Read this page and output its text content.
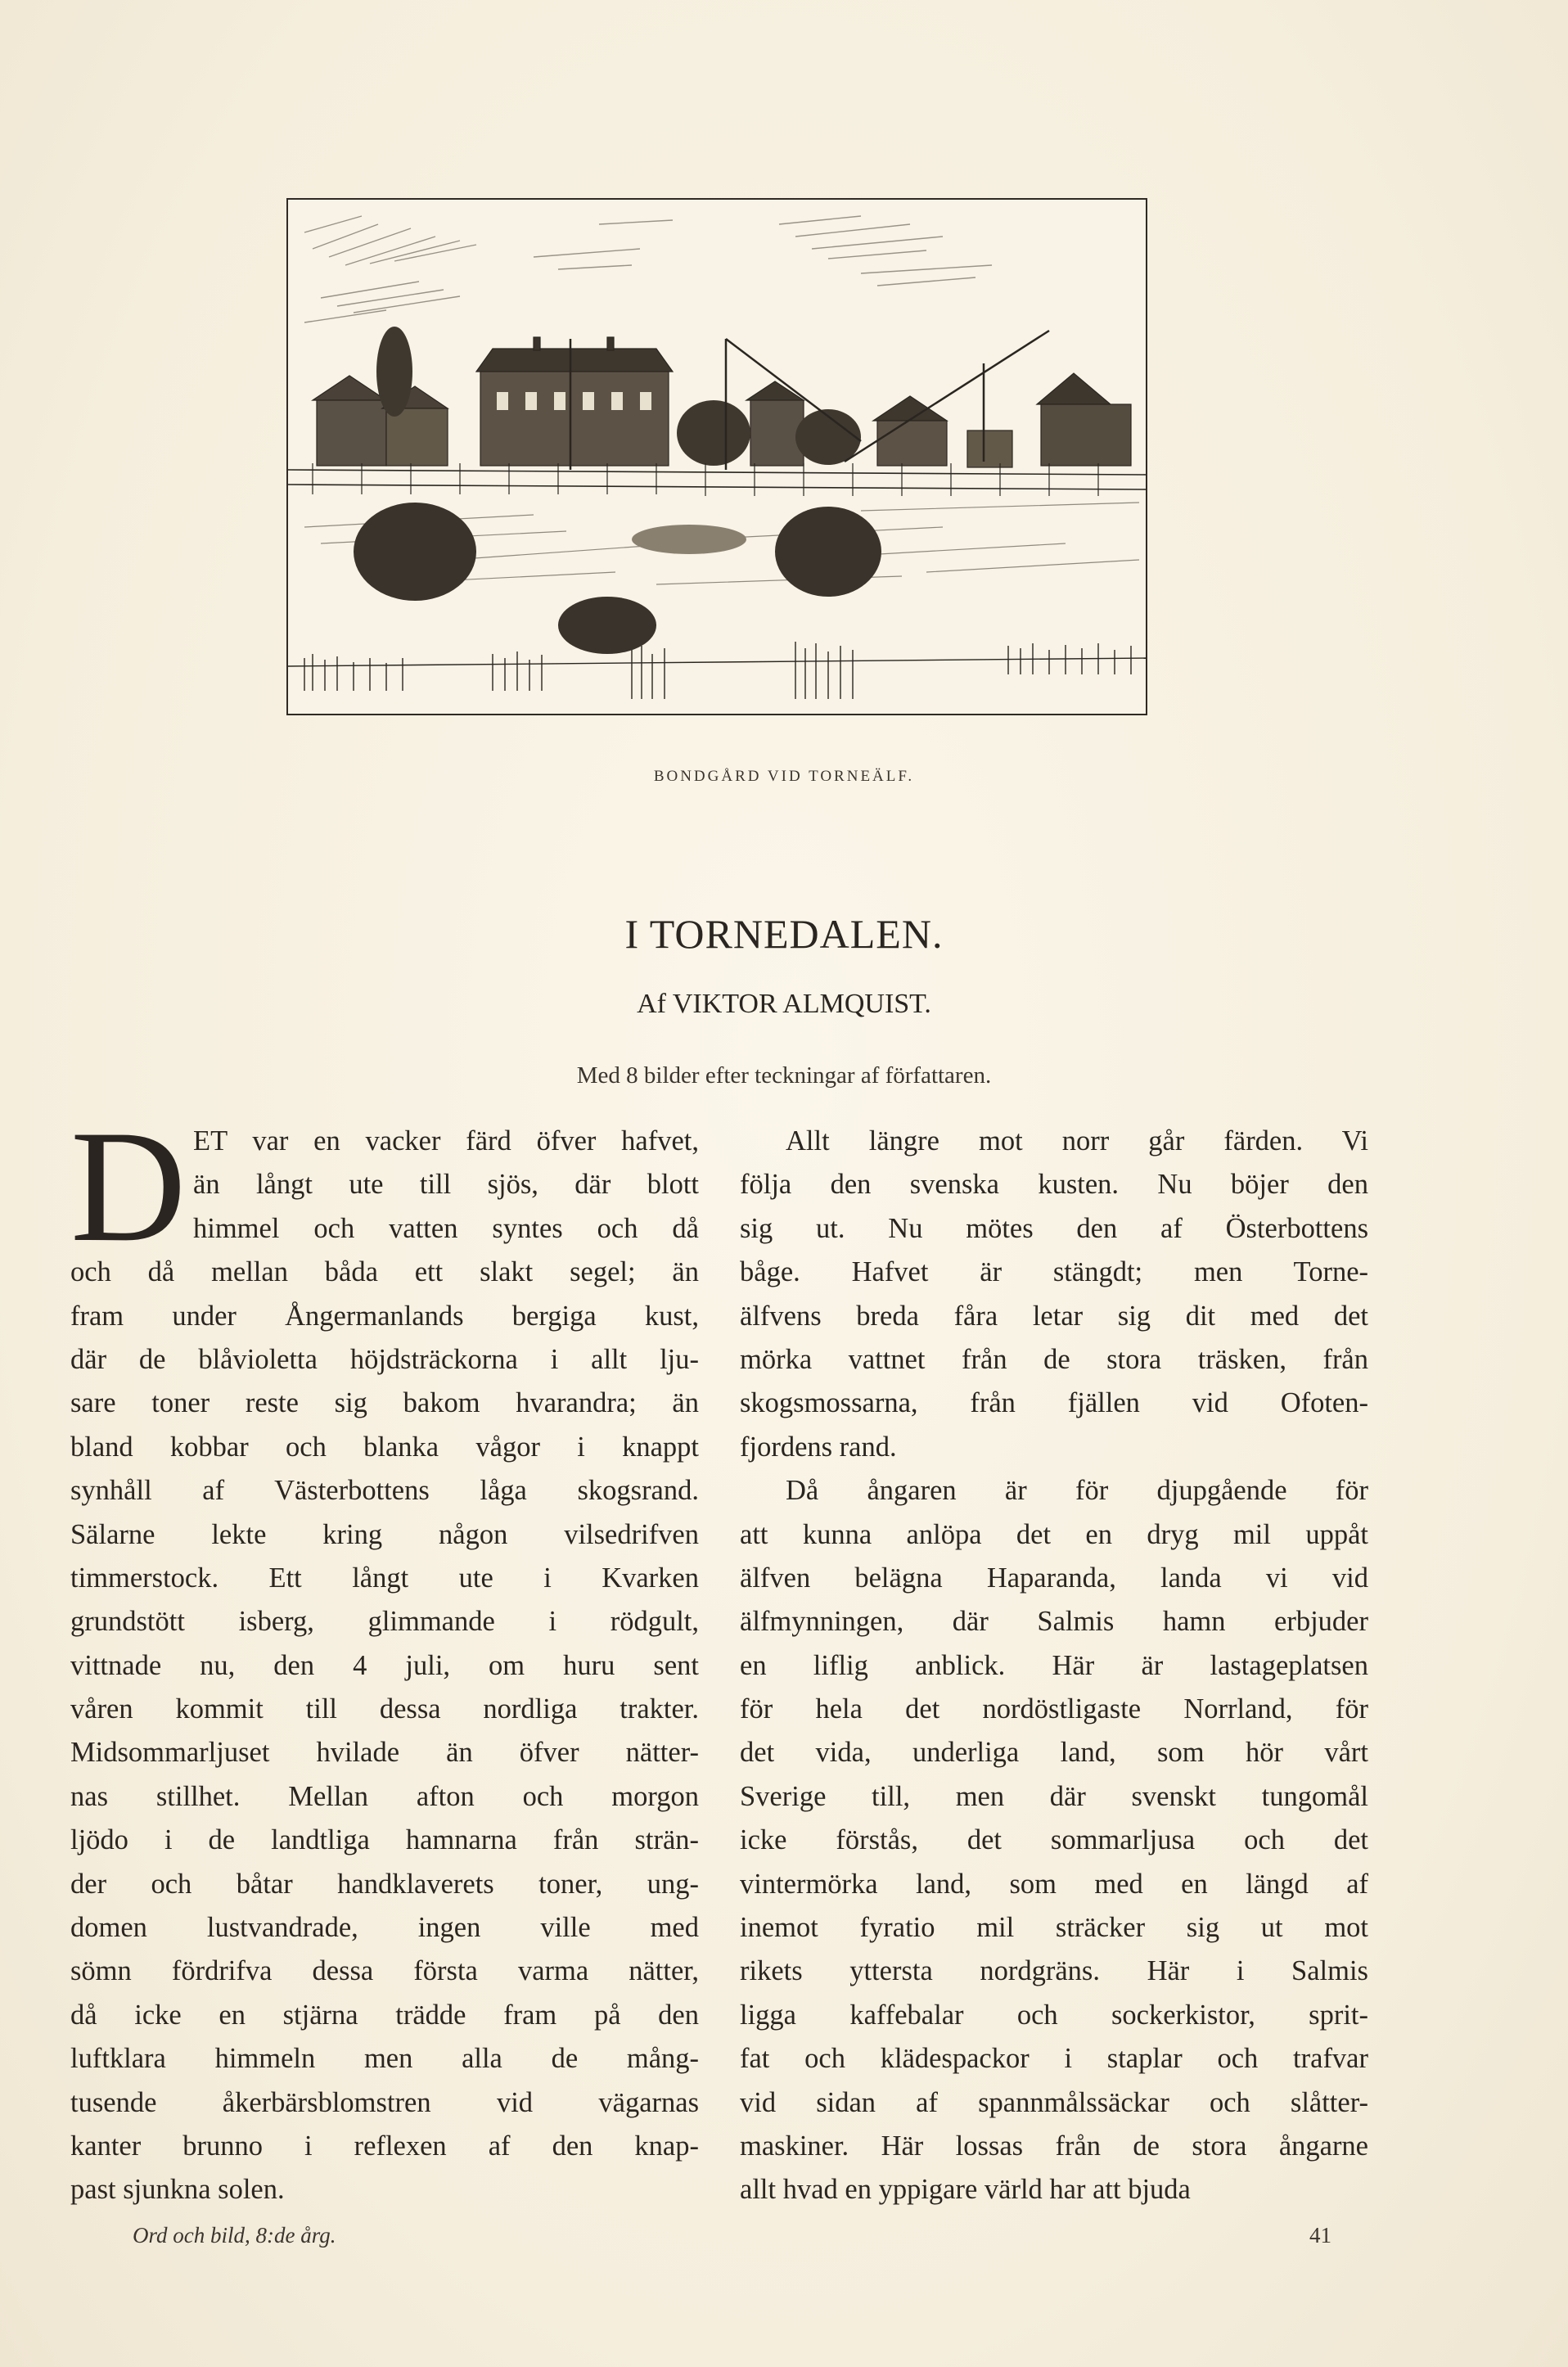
BONDGÅRD VID TORNEÄLF.
I TORNEDALEN.
Af VIKTOR ALMQUIST.
Med 8 bilder efter teckningar af författaren.
D ET var en vacker färd öfver hafvet,
än långt ute till sjös, där blott
himmel och vatten syntes och då
och då mellan båda ett slakt segel; än
fram under Ångermanlands bergiga kust,
där de blåvioletta höjdsträckorna i allt lju-
sare toner reste sig bakom hvarandra; än
bland kobbar och blanka vågor i knappt
synhåll af Västerbottens låga skogsrand.
Sälarne lekte kring någon vilsedrifven
timmerstock. Ett långt ute i Kvarken
grundstött isberg, glimmande i rödgult,
vittnade nu, den 4 juli, om huru sent
våren kommit till dessa nordliga trakter.
Midsommarljuset hvilade än öfver nätter-
nas stillhet. Mellan afton och morgon
ljödo i de landtliga hamnarna från strän-
der och båtar handklaverets toner, ung-
domen lustvandrade, ingen ville med
sömn fördrifva dessa första varma nätter,
då icke en stjärna trädde fram på den
luftklara himmeln men alla de mång-
tusende åkerbärsblomstren vid vägarnas
kanter brunno i reflexen af den knap-
past sjunkna solen.
Allt längre mot norr går färden. Vi
följa den svenska kusten. Nu böjer den
sig ut. Nu mötes den af Österbottens
båge. Hafvet är stängdt; men Torne-
älfvens breda fåra letar sig dit med det
mörka vattnet från de stora träsken, från
skogsmossarna, från fjällen vid Ofoten-
fjordens rand.
Då ångaren är för djupgående för
att kunna anlöpa det en dryg mil uppåt
älfven belägna Haparanda, landa vi vid
älfmynningen, där Salmis hamn erbjuder
en liflig anblick. Här är lastageplatsen
för hela det nordöstligaste Norrland, för
det vida, underliga land, som hör vårt
Sverige till, men där svenskt tungomål
icke förstås, det sommarljusa och det
vintermörka land, som med en längd af
inemot fyratio mil sträcker sig ut mot
rikets yttersta nordgräns. Här i Salmis
ligga kaffebalar och sockerkistor, sprit-
fat och klädespackor i staplar och trafvar
vid sidan af spannmålssäckar och slåtter-
maskiner. Här lossas från de stora ångarne
allt hvad en yppigare värld har att bjuda
Ord och bild, 8:de årg.	41
